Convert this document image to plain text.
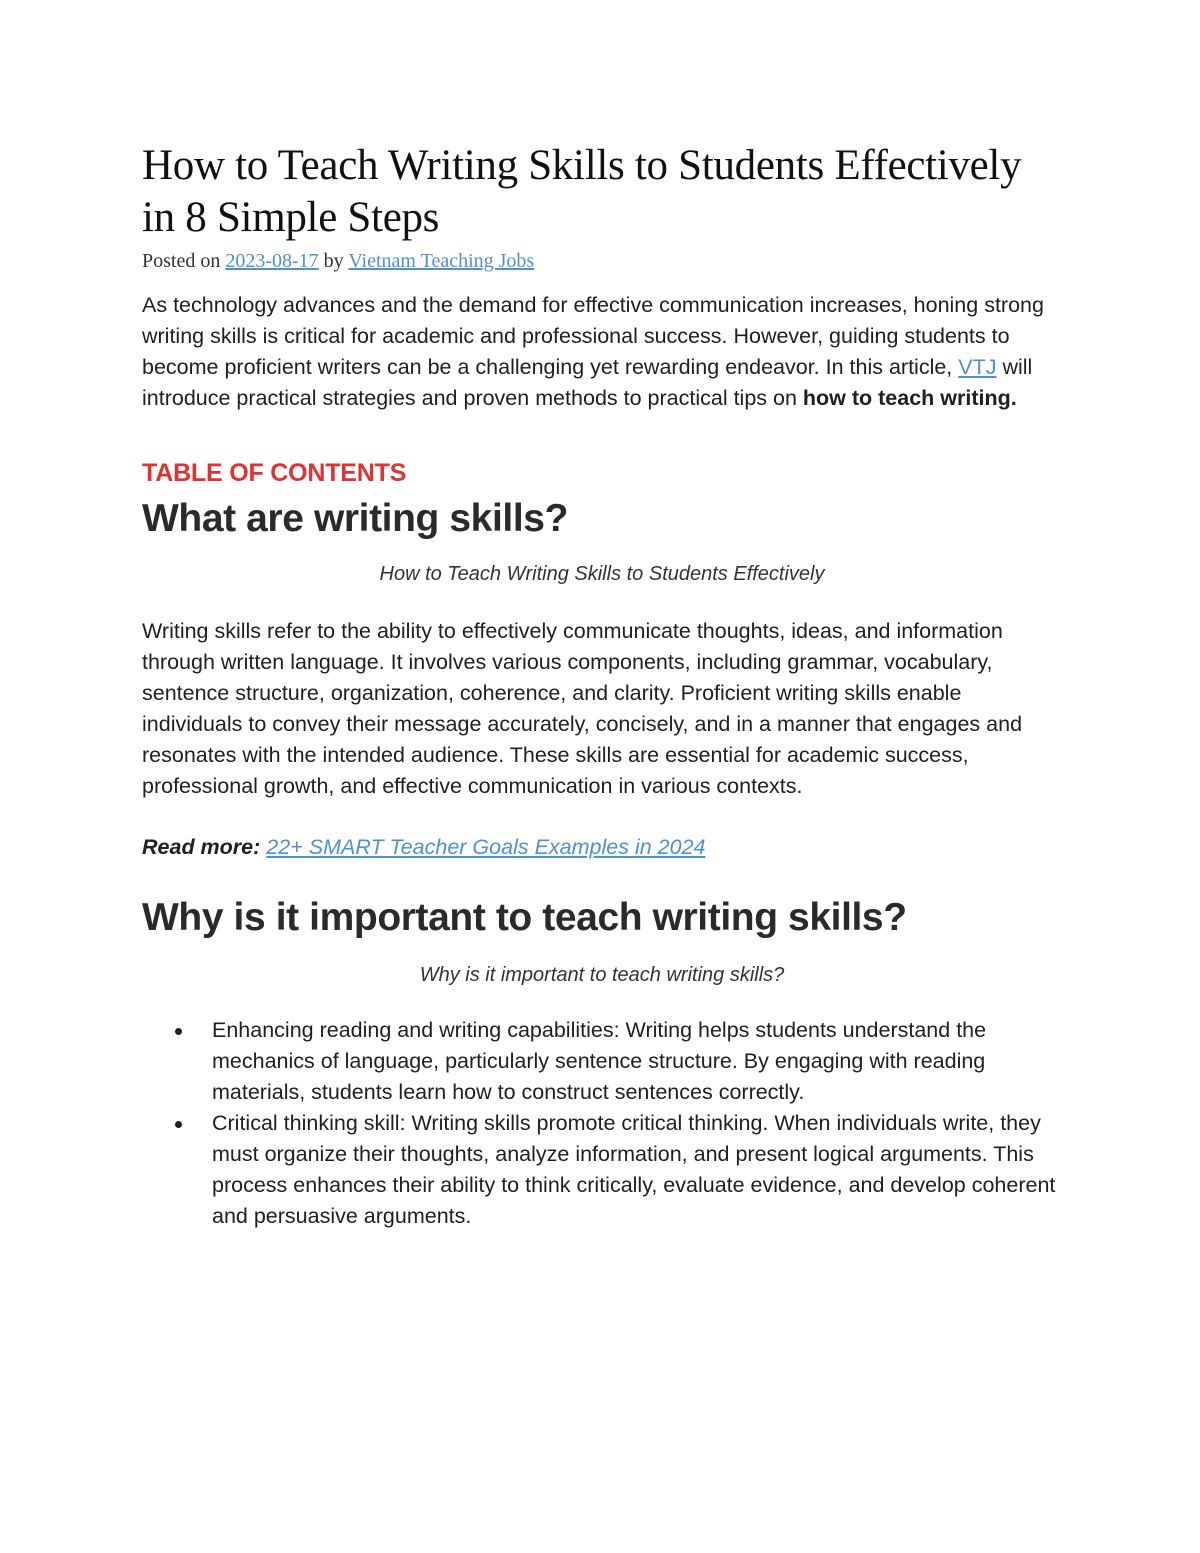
How to Teach Writing Skills to Students Effectively in 8 Simple Steps
Posted on 2023-08-17 by Vietnam Teaching Jobs

As technology advances and the demand for effective communication increases, honing strong writing skills is critical for academic and professional success. However, guiding students to become proficient writers can be a challenging yet rewarding endeavor. In this article, VTJ will introduce practical strategies and proven methods to practical tips on how to teach writing.

TABLE OF CONTENTS
What are writing skills?
How to Teach Writing Skills to Students Effectively

Writing skills refer to the ability to effectively communicate thoughts, ideas, and information through written language. It involves various components, including grammar, vocabulary, sentence structure, organization, coherence, and clarity. Proficient writing skills enable individuals to convey their message accurately, concisely, and in a manner that engages and resonates with the intended audience. These skills are essential for academic success, professional growth, and effective communication in various contexts.

Read more: 22+ SMART Teacher Goals Examples in 2024

Why is it important to teach writing skills?
Why is it important to teach writing skills?
Enhancing reading and writing capabilities: Writing helps students understand the mechanics of language, particularly sentence structure. By engaging with reading materials, students learn how to construct sentences correctly.
Critical thinking skill: Writing skills promote critical thinking. When individuals write, they must organize their thoughts, analyze information, and present logical arguments. This process enhances their ability to think critically, evaluate evidence, and develop coherent and persuasive arguments.
